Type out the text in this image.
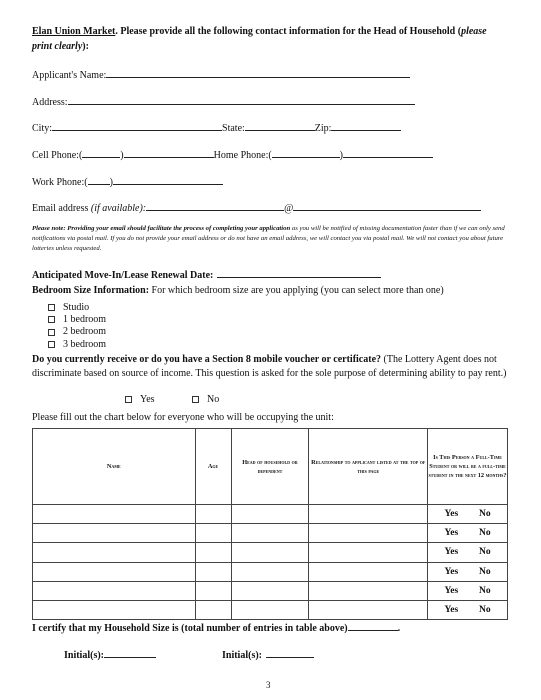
Elan Union Market. Please provide all the following contact information for the Head of Household (please print clearly):
Applicant's Name:
Address:
City:	State:	Zip:
Cell Phone:(	)	Home Phone:(	)
Work Phone:( )
Email address (if available):	@
Please note: Providing your email should facilitate the process of completing your application as you will be notified of missing documentation faster than if we can only send notifications via postal mail. If you do not provide your email address or do not have an email address, we will contact you via postal mail. We will not contact you about future lotteries unless requested.
Anticipated Move-In/Lease Renewal Date:
Bedroom Size Information: For which bedroom size are you applying (you can select more than one)
Studio
1 bedroom
2 bedroom
3 bedroom
Do you currently receive or do you have a Section 8 mobile voucher or certificate? (The Lottery Agent does not discriminate based on source of income. This question is asked for the sole purpose of determining ability to pay rent.)
Yes	No
Please fill out the chart below for everyone who will be occupying the unit:
Name	Age	Head of household or dependent	Relationship to applicant listed at the top of this page	Is This Person a Full-Time Student or will be a full-time student in the next 12 months?

				Yes No

				Yes No

				Yes No

				Yes No

				Yes No

				Yes No
I certify that my Household Size is (total number of entries in table above)	.
Initial(s):	Initial(s):
3
